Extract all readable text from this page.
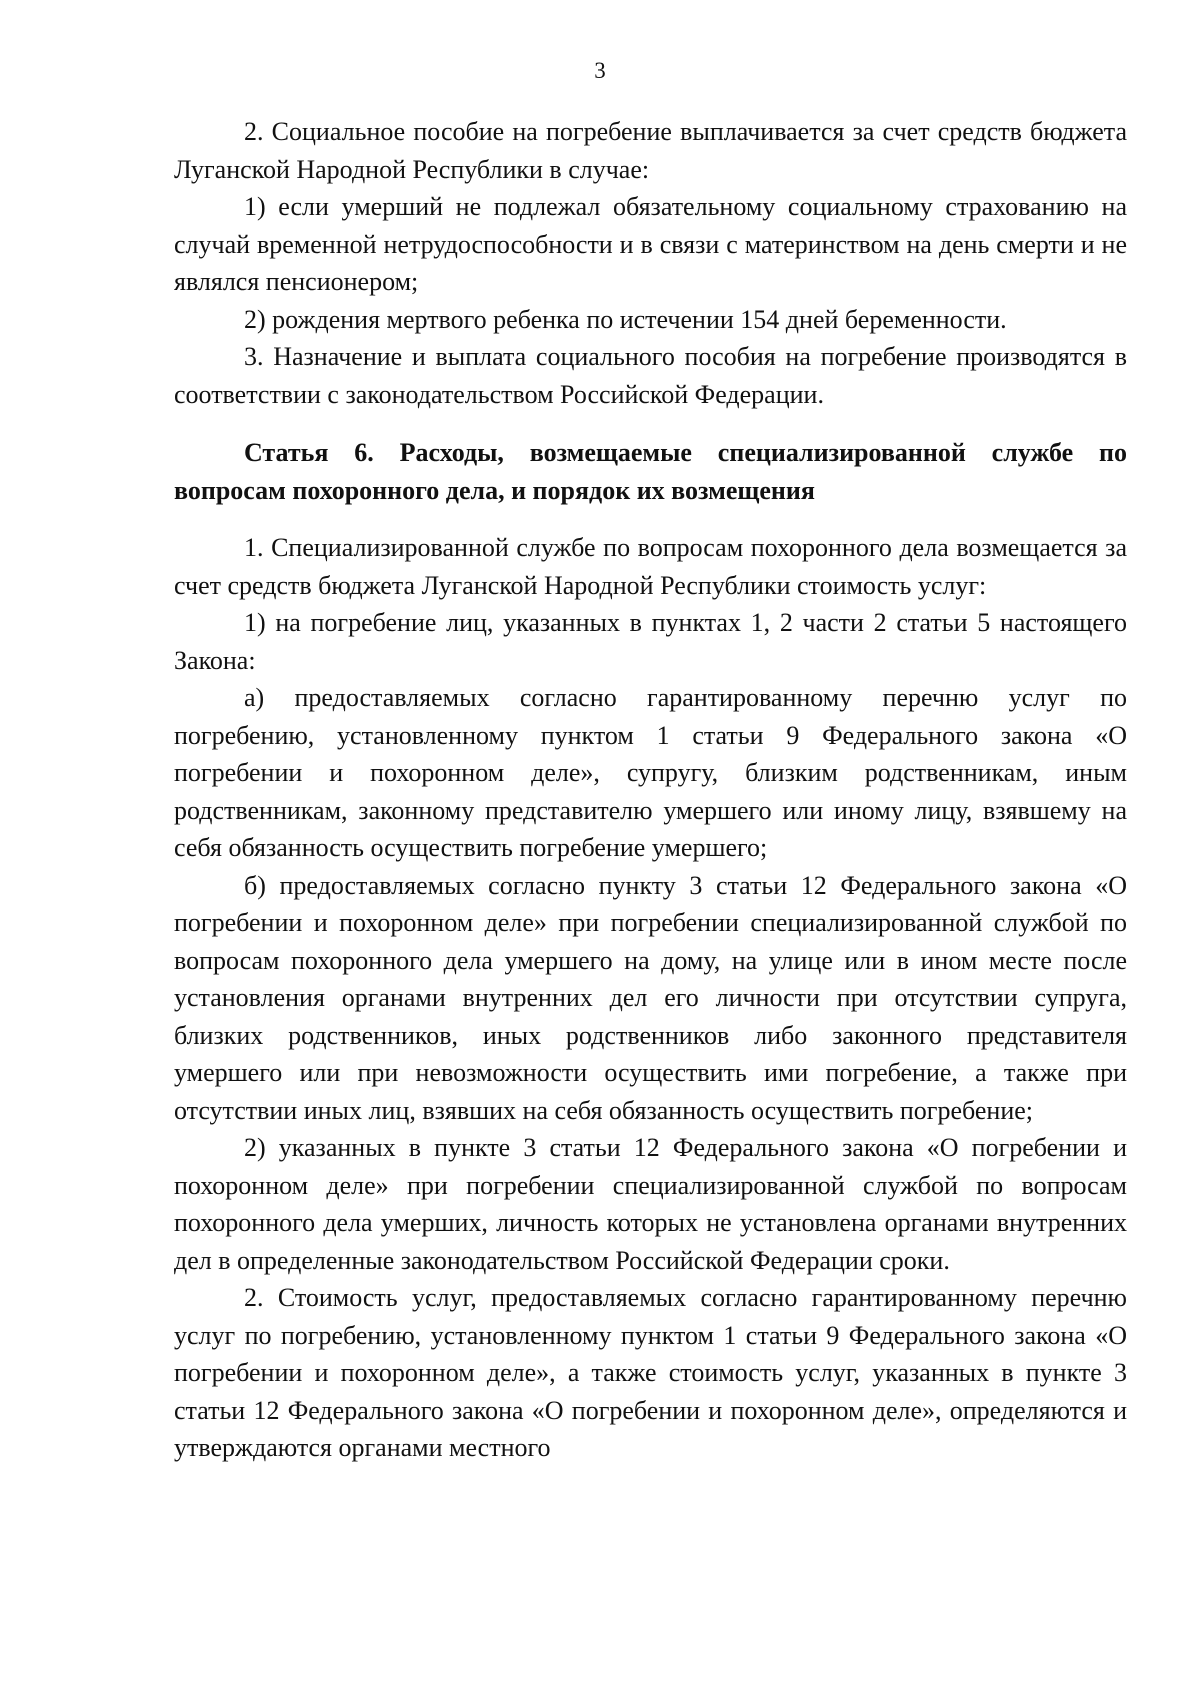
3

2. Социальное пособие на погребение выплачивается за счет средств бюджета Луганской Народной Республики в случае:

1) если умерший не подлежал обязательному социальному страхованию на случай временной нетрудоспособности и в связи с материнством на день смерти и не являлся пенсионером;

2) рождения мертвого ребенка по истечении 154 дней беременности.

3. Назначение и выплата социального пособия на погребение производятся в соответствии с законодательством Российской Федерации.

Статья 6. Расходы, возмещаемые специализированной службе по вопросам похоронного дела, и порядок их возмещения

1. Специализированной службе по вопросам похоронного дела возмещается за счет средств бюджета Луганской Народной Республики стоимость услуг:

1) на погребение лиц, указанных в пунктах 1, 2 части 2 статьи 5 настоящего Закона:

а) предоставляемых согласно гарантированному перечню услуг по погребению, установленному пунктом 1 статьи 9 Федерального закона «О погребении и похоронном деле», супругу, близким родственникам, иным родственникам, законному представителю умершего или иному лицу, взявшему на себя обязанность осуществить погребение умершего;

б) предоставляемых согласно пункту 3 статьи 12 Федерального закона «О погребении и похоронном деле» при погребении специализированной службой по вопросам похоронного дела умершего на дому, на улице или в ином месте после установления органами внутренних дел его личности при отсутствии супруга, близких родственников, иных родственников либо законного представителя умершего или при невозможности осуществить ими погребение, а также при отсутствии иных лиц, взявших на себя обязанность осуществить погребение;

2) указанных в пункте 3 статьи 12 Федерального закона «О погребении и похоронном деле» при погребении специализированной службой по вопросам похоронного дела умерших, личность которых не установлена органами внутренних дел в определенные законодательством Российской Федерации сроки.

2. Стоимость услуг, предоставляемых согласно гарантированному перечню услуг по погребению, установленному пунктом 1 статьи 9 Федерального закона «О погребении и похоронном деле», а также стоимость услуг, указанных в пункте 3 статьи 12 Федерального закона «О погребении и похоронном деле», определяются и утверждаются органами местного
